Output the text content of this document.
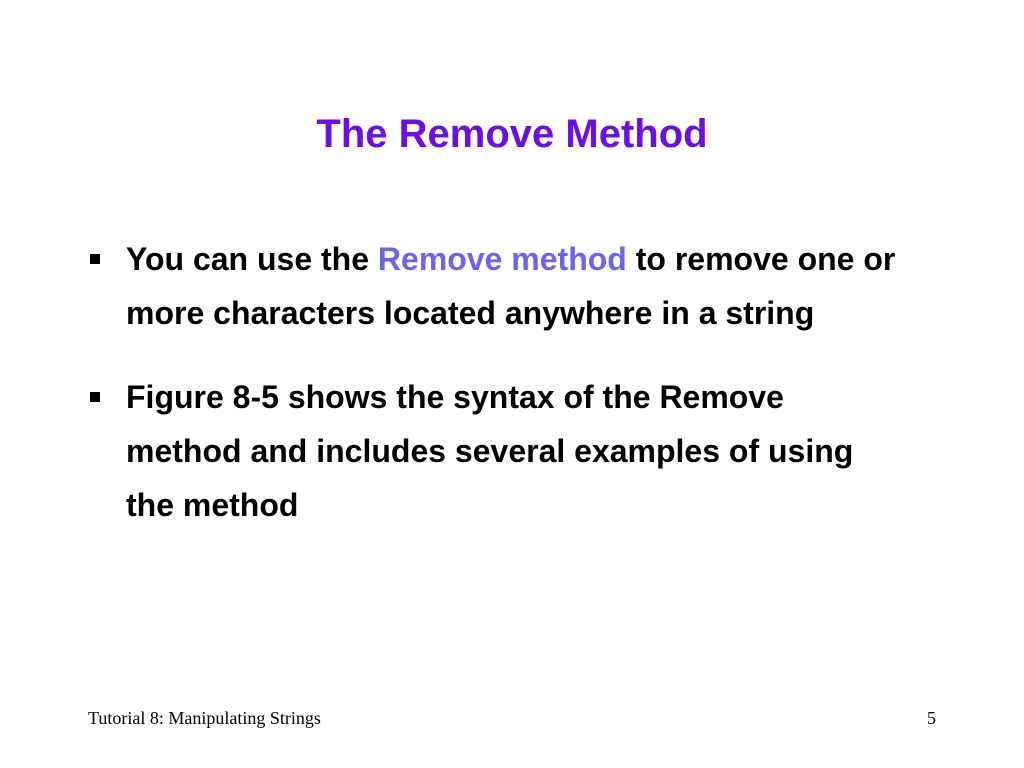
The Remove Method
You can use the Remove method to remove one or more characters located anywhere in a string
Figure 8-5 shows the syntax of the Remove method and includes several examples of using the method
Tutorial 8: Manipulating Strings	5
